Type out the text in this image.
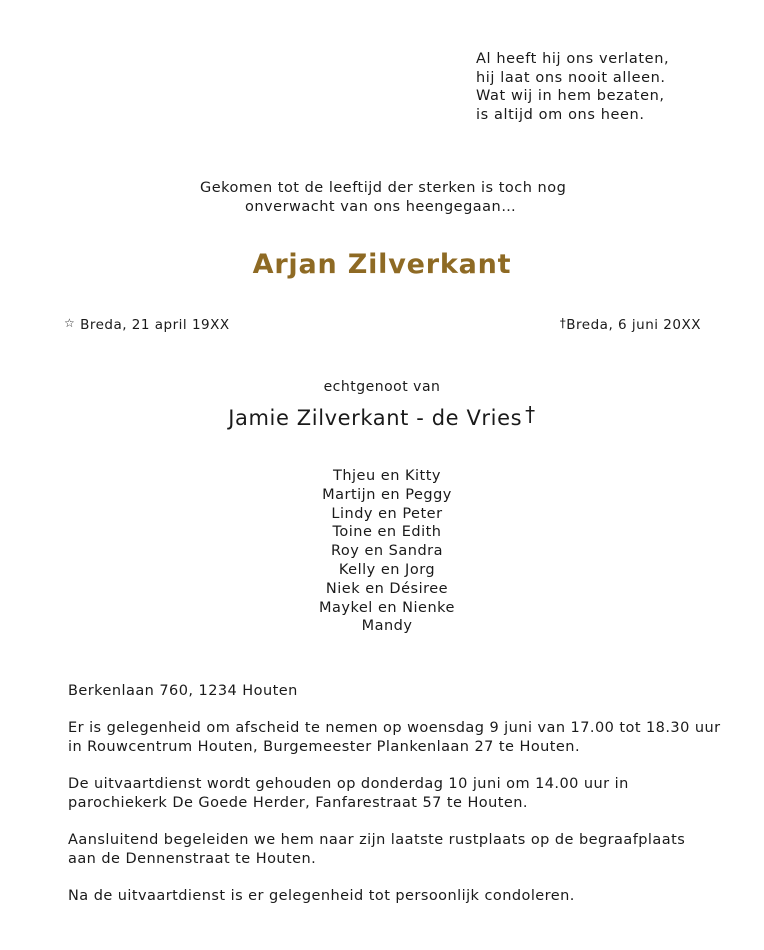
Al heeft hij ons verlaten,
hij laat ons nooit alleen.
Wat wij in hem bezaten,
is altijd om ons heen.
Gekomen tot de leeftijd der sterken is toch nog
onverwacht van ons heengegaan…
Arjan Zilverkant
☆ Breda, 21 april 19XX	†Breda, 6 juni 20XX
echtgenoot van
Jamie Zilverkant - de Vries †
Thjeu en Kitty
Martijn en Peggy
Lindy en Peter
Toine en Edith
Roy en Sandra
Kelly en Jorg
Niek en Désiree
Maykel en Nienke
Mandy

Berkenlaan 760, 1234 Houten

Er is gelegenheid om afscheid te nemen op woensdag 9 juni van 17.00 tot 18.30 uur
in Rouwcentrum Houten, Burgemeester Plankenlaan 27 te Houten.

De uitvaartdienst wordt gehouden op donderdag 10 juni om 14.00 uur in
parochiekerk De Goede Herder, Fanfarestraat 57 te Houten.

Aansluitend begeleiden we hem naar zijn laatste rustplaats op de begraafplaats
aan de Dennenstraat te Houten.

Na de uitvaartdienst is er gelegenheid tot persoonlijk condoleren.
